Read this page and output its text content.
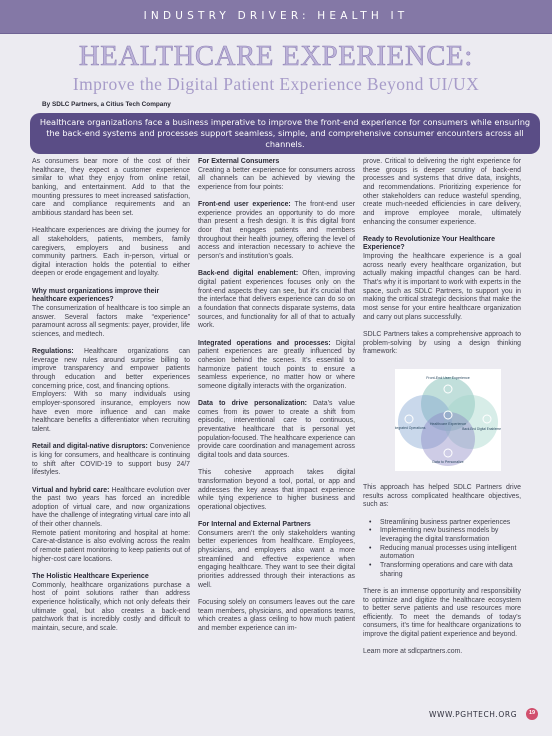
INDUSTRY DRIVER: HEALTH IT
HEALTHCARE EXPERIENCE:
Improve the Digital Patient Experience Beyond UI/UX
By SDLC Partners, a Citius Tech Company
Healthcare organizations face a business imperative to improve the front-end experience for consumers while ensuring the back-end systems and processes support seamless, simple, and comprehensive consumer encounters across all channels.

As consumers bear more of the cost of their healthcare, they expect a customer experience similar to what they enjoy from online retail, banking, and entertainment. Add to that the mounting pressures to meet increased satisfaction, care and compliance requirements and an ambitious standard has been set.

Healthcare experiences are driving the journey for all stakeholders, patients, members, family caregivers, employers and business and community partners. Each in-person, virtual or digital interaction holds the potential to either deepen or erode engagement and loyalty.

Why must organizations improve their healthcare experiences?

The consumerization of healthcare is too simple an answer. Several factors make “experience” paramount across all segments: payer, provider, life sciences, and medtech.

Regulations: Healthcare organizations can leverage new rules around surprise billing to improve transparency and empower patients through education and better experiences concerning price, cost, and financing options.
Employers: With so many individuals using employer-sponsored insurance, employers now have even more influence and can make healthcare benefits a differentiator when recruiting talent.

Retail and digital-native disruptors: Convenience is king for consumers, and healthcare is continuing to shift after COVID-19 to support busy 24/7 lifestyles.

Virtual and hybrid care: Healthcare evolution over the past two years has forced an incredible adoption of virtual care, and now organizations have the challenge of integrating virtual care into all of their other channels.
Remote patient monitoring and hospital at home: Care-at-distance is also evolving across the realm of remote patient monitoring to keep patients out of higher-cost care locations.

The Holistic Healthcare Experience

Commonly, healthcare organizations purchase a host of point solutions rather than address experience holistically, which not only defeats their ultimate goal, but also creates a back-end patchwork that is incredibly costly and difficult to maintain, secure, and scale.

For External Consumers

Creating a better experience for consumers across all channels can be achieved by viewing the experience from four points:

Front-end user experience: The front-end user experience provides an opportunity to do more than present a fresh design. It is this digital front door that engages patients and members throughout their health journey, offering the level of access and interaction necessary to achieve the person’s and institution’s goals.

Back-end digital enablement: Often, improving digital patient experiences focuses only on the front-end aspects they can see, but it’s crucial that the interface that delivers experience can do so on a foundation that connects disparate systems, data sources, and functionality for all of that to actually work.

Integrated operations and processes: Digital patient experiences are greatly influenced by cohesion behind the scenes. It’s essential to harmonize patient touch points to ensure a seamless experience, no matter how or where someone digitally interacts with the organization.

Data to drive personalization: Data’s value comes from its power to create a shift from episodic, interventional care to continuous, preventative healthcare that is personal yet population-focused. The healthcare experience can provide care coordination and management across digital tools and data sources.

This cohesive approach takes digital transformation beyond a tool, portal, or app and addresses the key areas that impact experience while tying experience to higher business and operational objectives.

For Internal and External Partners

Consumers aren’t the only stakeholders wanting better experiences from healthcare. Employees, physicians, and employers also want a more streamlined and effective experience when engaging healthcare. They want to see their digital priorities addressed through their interactions as well.

Focusing solely on consumers leaves out the care team members, physicians, and operations teams, which creates a glass ceiling to how much patient and member experience can im-

prove. Critical to delivering the right experience for these groups is deeper scrutiny of back-end processes and systems that drive data, insights, and recommendations. Prioritizing experience for other stakeholders can reduce wasteful spending, create much-needed efficiencies in care delivery, and improve employee morale, ultimately enhancing the consumer experience.

Ready to Revolutionize Your Healthcare Experience?

Improving the healthcare experience is a goal across nearly every healthcare organization, but actually making impactful changes can be hard. That’s why it is important to work with experts in the space, such as SDLC Partners, to support you in making the critical strategic decisions that make the most sense for your entire healthcare organization and carry out plans successfully.

SDLC Partners takes a comprehensive approach to problem-solving by using a design thinking framework:

Front-End User Experience
Integrated Operations
Healthcare Experience
Back-End Digital Enablement
Data to Personalize

This approach has helped SDLC Partners drive results across complicated healthcare objectives, such as:

• Streamlining business partner experiences
• Implementing new business models by leveraging the digital transformation
• Reducing manual processes using intelligent automation
• Transforming operations and care with data sharing

There is an immense opportunity and responsibility to optimize and digitize the healthcare ecosystem to better serve patients and use resources more efficiently. To meet the demands of today’s consumers, it’s time for healthcare organizations to improve the digital patient experience and beyond.

Learn more at sdlcpartners.com.

WWW.PGHTECH.ORG	19
